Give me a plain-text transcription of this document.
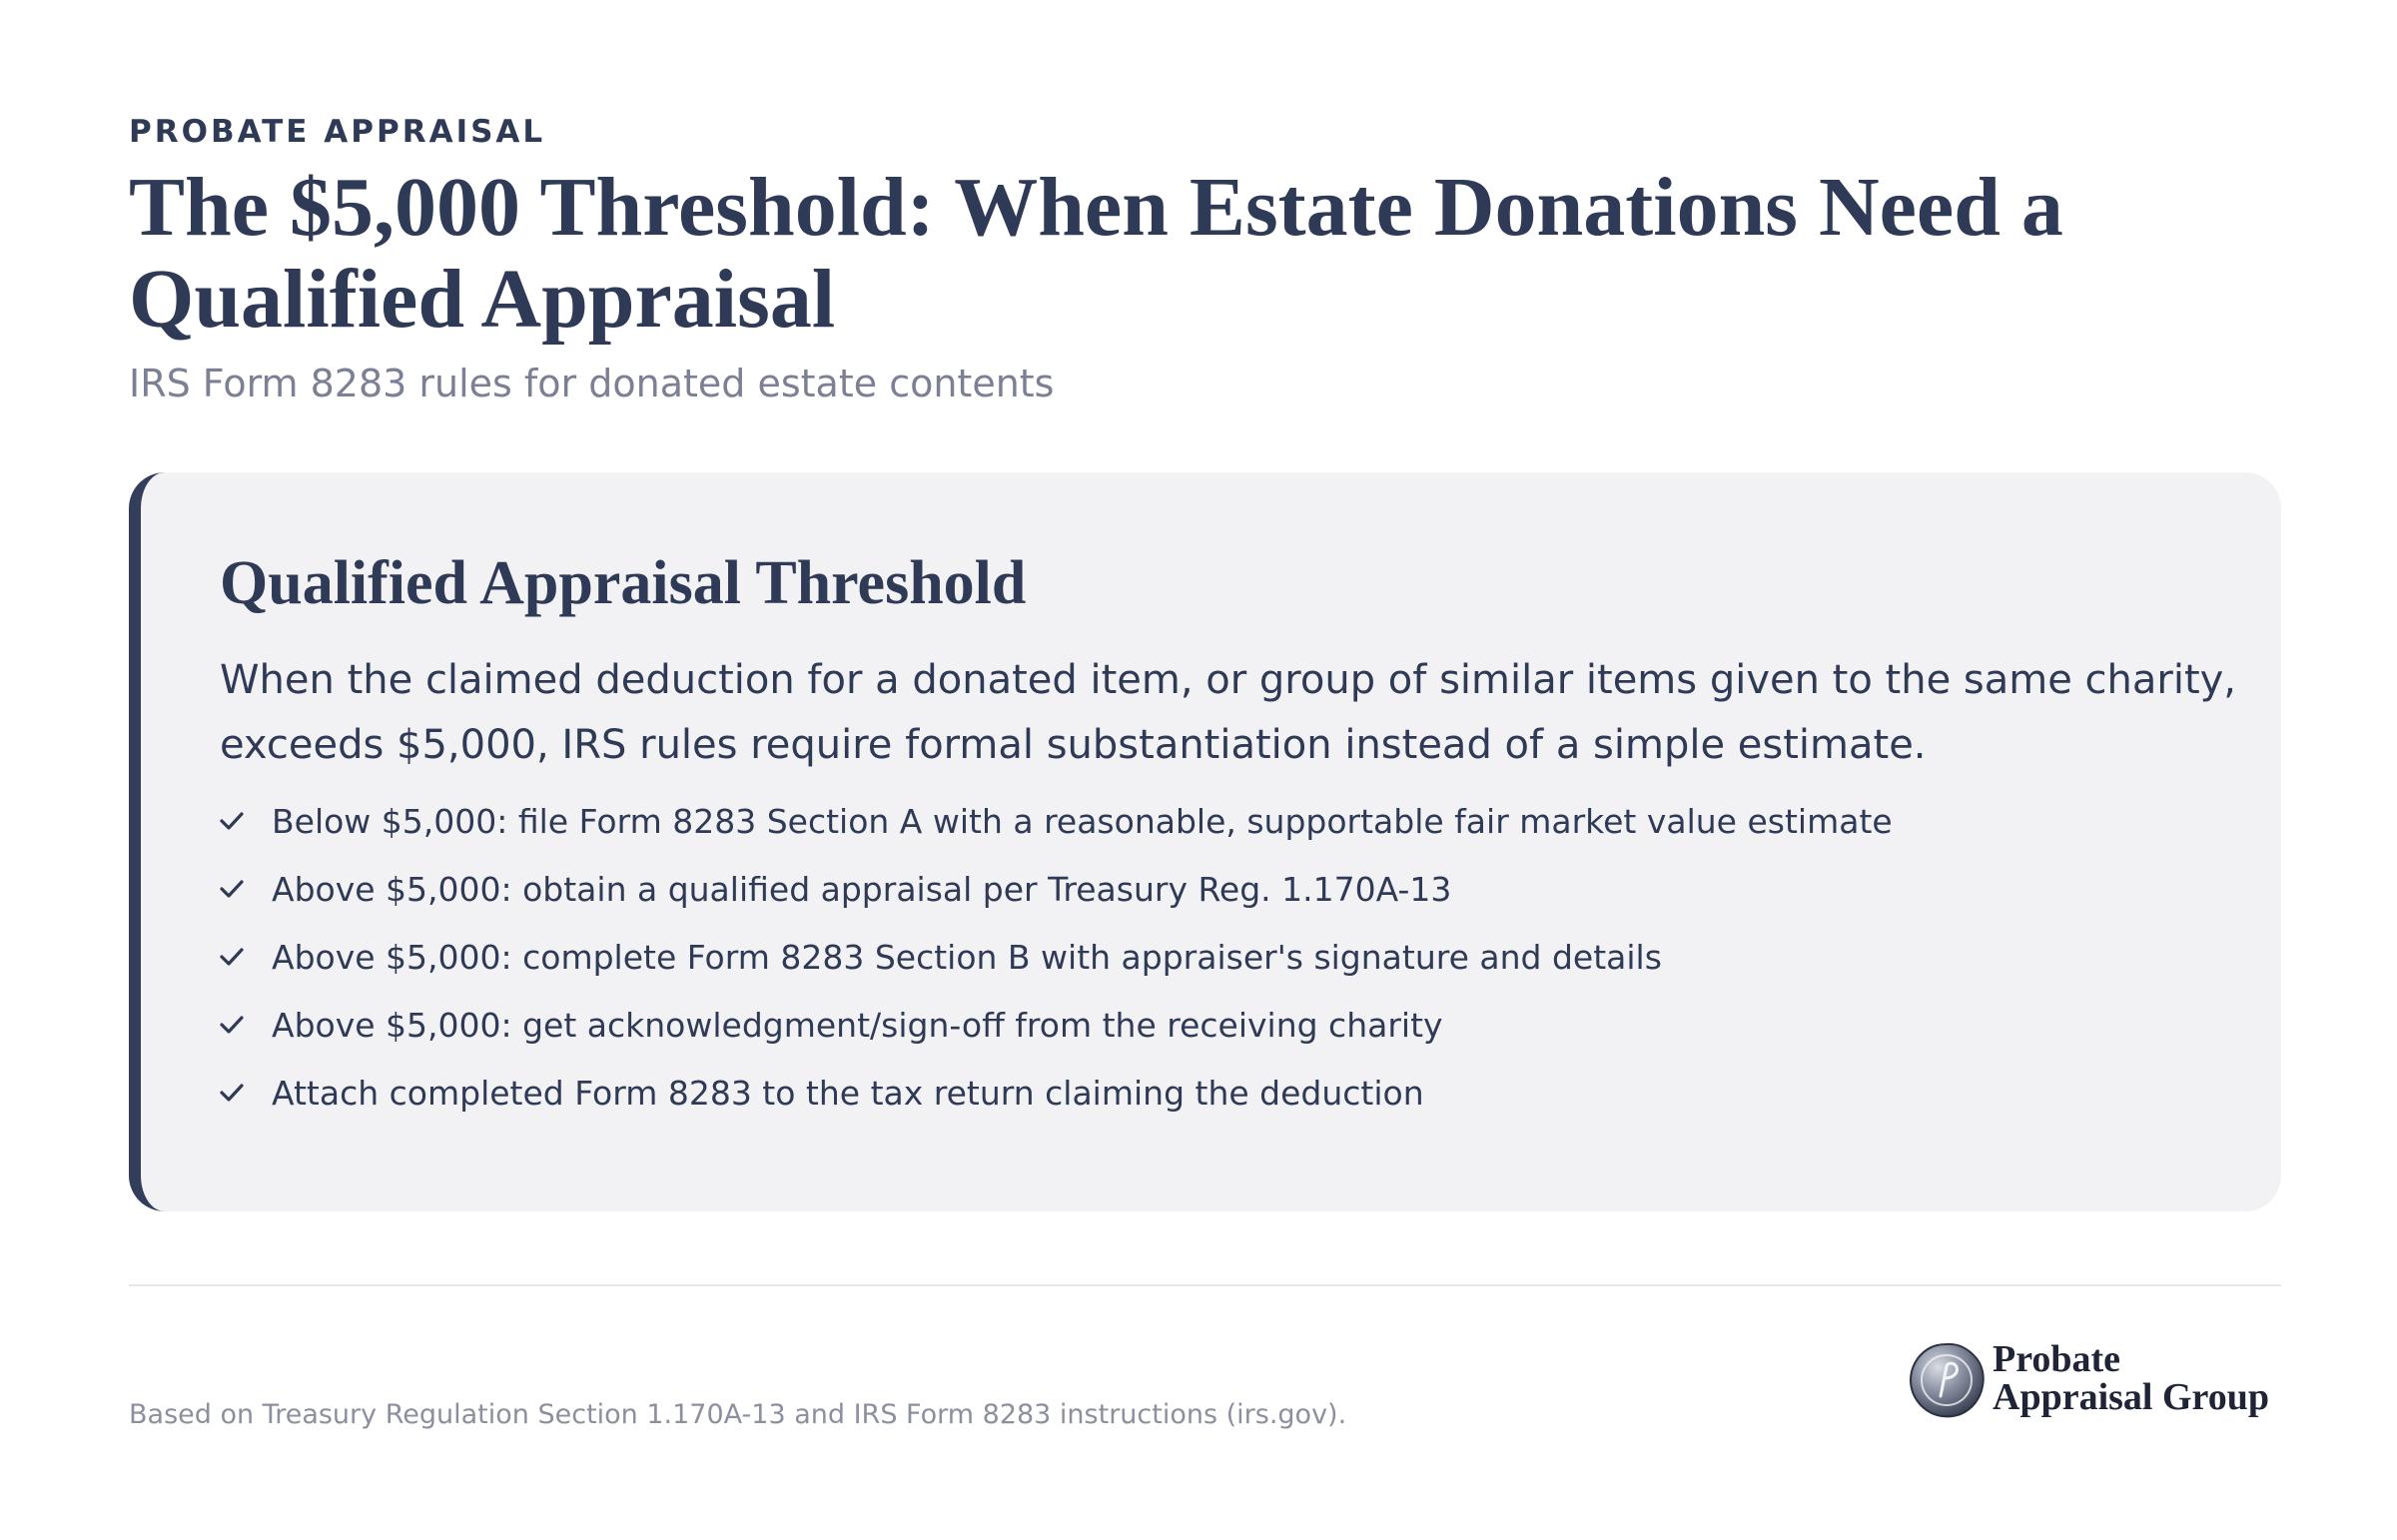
PROBATE APPRAISAL
The $5,000 Threshold: When Estate Donations Need a Qualified Appraisal
IRS Form 8283 rules for donated estate contents
Qualified Appraisal Threshold

When the claimed deduction for a donated item, or group of similar items given to the same charity, exceeds $5,000, IRS rules require formal substantiation instead of a simple estimate.

Below $5,000: file Form 8283 Section A with a reasonable, supportable fair market value estimate
Above $5,000: obtain a qualified appraisal per Treasury Reg. 1.170A-13
Above $5,000: complete Form 8283 Section B with appraiser's signature and details
Above $5,000: get acknowledgment/sign-off from the receiving charity
Attach completed Form 8283 to the tax return claiming the deduction
Based on Treasury Regulation Section 1.170A-13 and IRS Form 8283 instructions (irs.gov).
Probate Appraisal Group
